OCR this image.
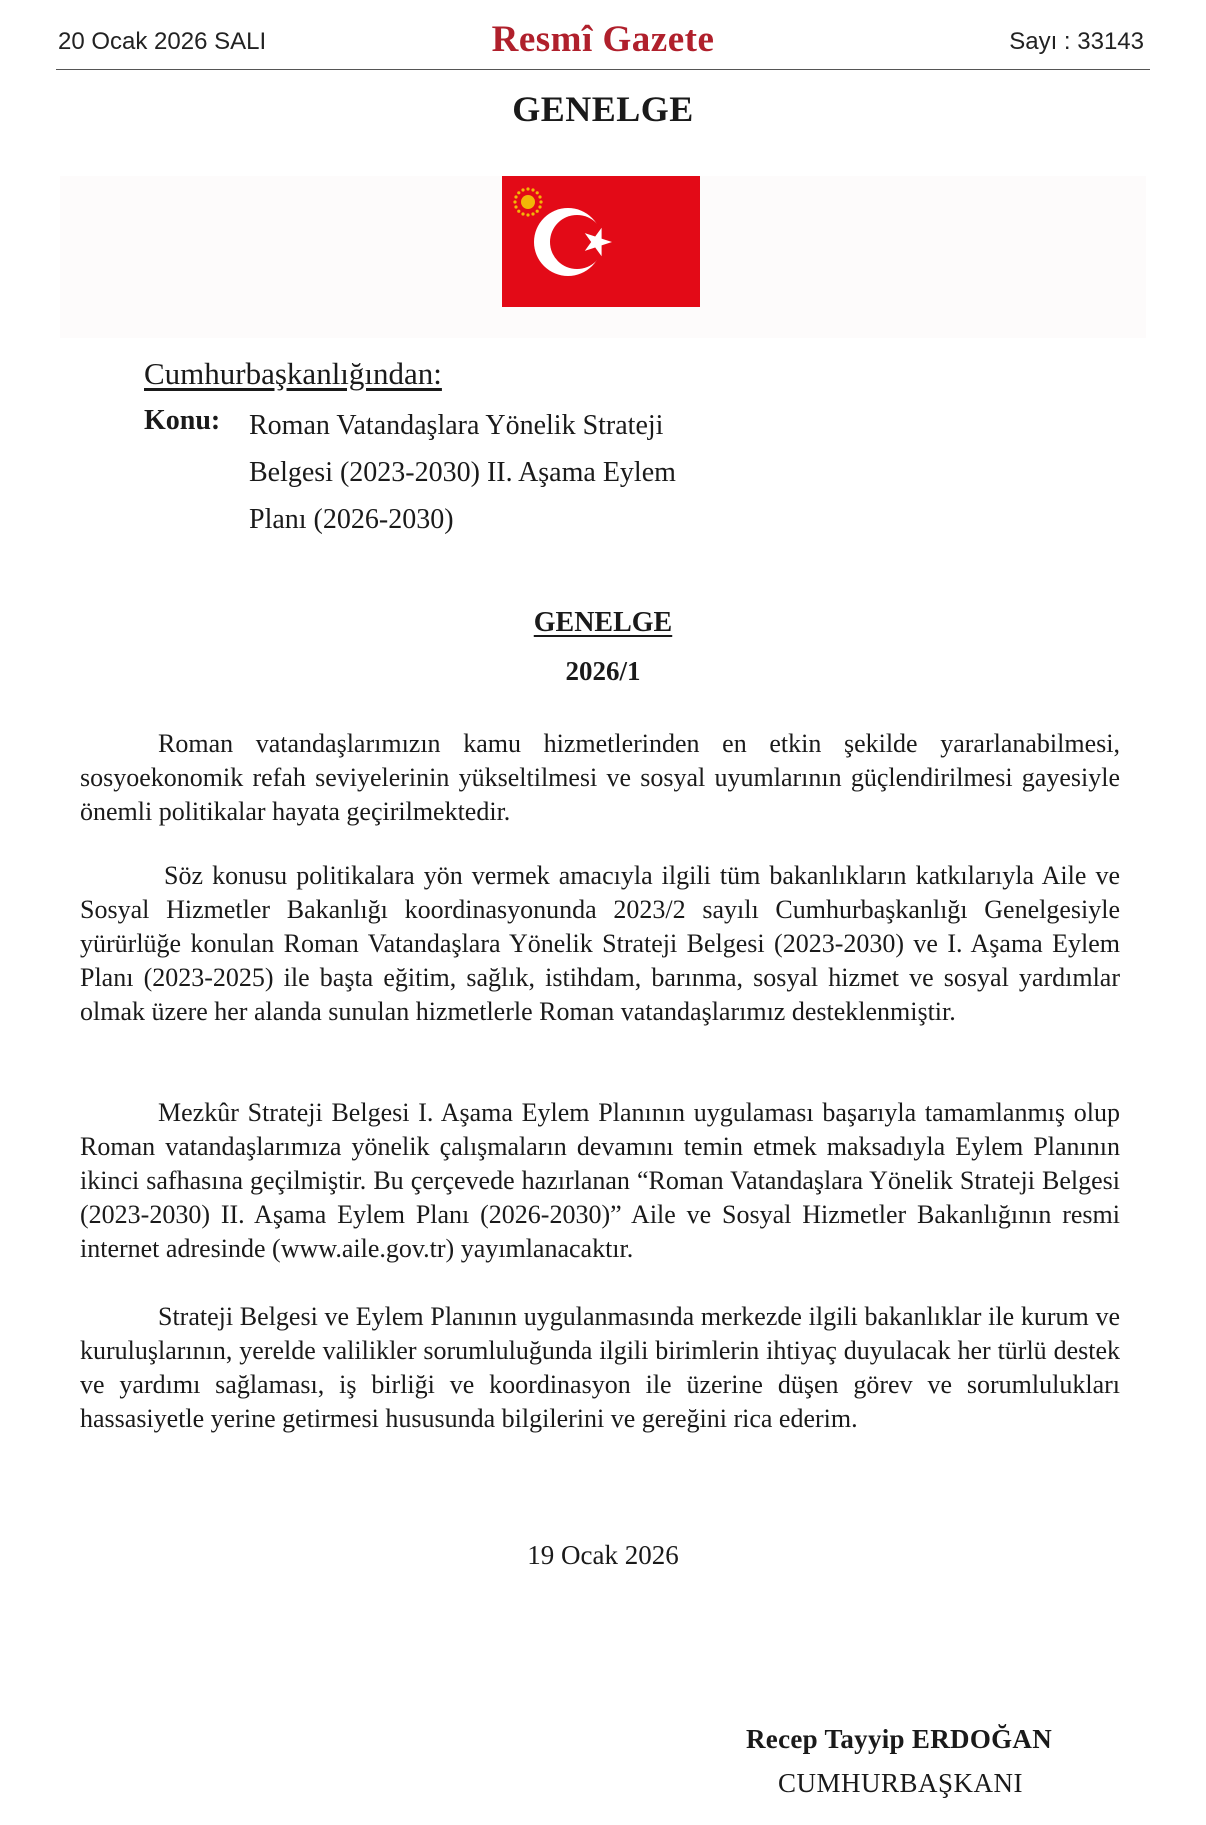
20 Ocak 2026 SALI	Resmî Gazete	Sayı : 33143
GENELGE
Cumhurbaşkanlığından:
Konu: Roman Vatandaşlara Yönelik Strateji
Belgesi (2023-2030) II. Aşama Eylem
Planı (2026-2030)
GENELGE
2026/1
Roman vatandaşlarımızın kamu hizmetlerinden en etkin şekilde yararlanabilmesi, sosyoekonomik refah seviyelerinin yükseltilmesi ve sosyal uyumlarının güçlendirilmesi gayesiyle önemli politikalar hayata geçirilmektedir.
Söz konusu politikalara yön vermek amacıyla ilgili tüm bakanlıkların katkılarıyla Aile ve Sosyal Hizmetler Bakanlığı koordinasyonunda 2023/2 sayılı Cumhurbaşkanlığı Genelgesiyle yürürlüğe konulan Roman Vatandaşlara Yönelik Strateji Belgesi (2023-2030) ve I. Aşama Eylem Planı (2023-2025) ile başta eğitim, sağlık, istihdam, barınma, sosyal hizmet ve sosyal yardımlar olmak üzere her alanda sunulan hizmetlerle Roman vatandaşlarımız desteklenmiştir.
Mezkûr Strateji Belgesi I. Aşama Eylem Planının uygulaması başarıyla tamamlanmış olup Roman vatandaşlarımıza yönelik çalışmaların devamını temin etmek maksadıyla Eylem Planının ikinci safhasına geçilmiştir. Bu çerçevede hazırlanan “Roman Vatandaşlara Yönelik Strateji Belgesi (2023-2030) II. Aşama Eylem Planı (2026-2030)” Aile ve Sosyal Hizmetler Bakanlığının resmi internet adresinde (www.aile.gov.tr) yayımlanacaktır.
Strateji Belgesi ve Eylem Planının uygulanmasında merkezde ilgili bakanlıklar ile kurum ve kuruluşlarının, yerelde valilikler sorumluluğunda ilgili birimlerin ihtiyaç duyulacak her türlü destek ve yardımı sağlaması, iş birliği ve koordinasyon ile üzerine düşen görev ve sorumlulukları hassasiyetle yerine getirmesi hususunda bilgilerini ve gereğini rica ederim.
19 Ocak 2026
Recep Tayyip ERDOĞAN
CUMHURBAŞKANI
